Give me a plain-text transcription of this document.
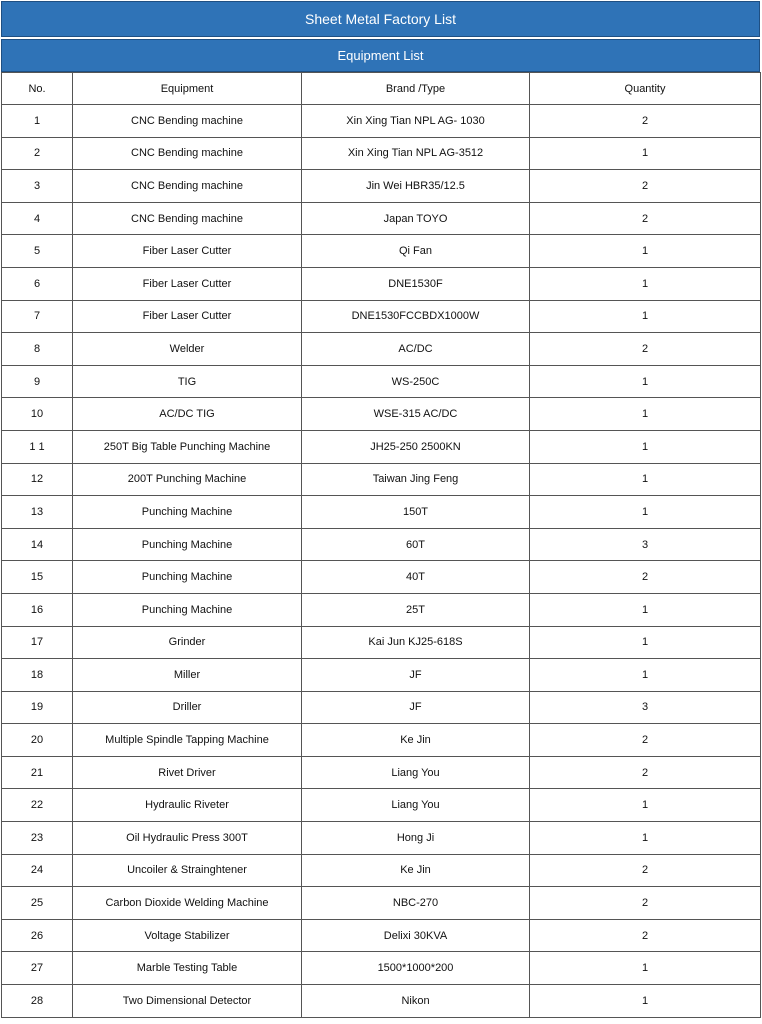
Sheet Metal Factory List
Equipment List
No.	Equipment	Brand /Type	Quantity
1	CNC Bending machine	Xin Xing Tian NPL AG- 1030	2
2	CNC Bending machine	Xin Xing Tian NPL AG-3512	1
3	CNC Bending machine	Jin Wei HBR35/12.5	2
4	CNC Bending machine	Japan TOYO	2
5	Fiber Laser Cutter	Qi Fan	1
6	Fiber Laser Cutter	DNE1530F	1
7	Fiber Laser Cutter	DNE1530FCCBDX1000W	1
8	Welder	AC/DC	2
9	TIG	WS-250C	1
10	AC/DC TIG	WSE-315 AC/DC	1
1 1	250T Big Table Punching Machine	JH25-250 2500KN	1
12	200T Punching Machine	Taiwan Jing Feng	1
13	Punching Machine	150T	1
14	Punching Machine	60T	3
15	Punching Machine	40T	2
16	Punching Machine	25T	1
17	Grinder	Kai Jun KJ25-618S	1
18	Miller	JF	1
19	Driller	JF	3
20	Multiple Spindle Tapping Machine	Ke Jin	2
21	Rivet Driver	Liang You	2
22	Hydraulic Riveter	Liang You	1
23	Oil Hydraulic Press 300T	Hong Ji	1
24	Uncoiler & Strainghtener	Ke Jin	2
25	Carbon Dioxide Welding Machine	NBC-270	2
26	Voltage Stabilizer	Delixi 30KVA	2
27	Marble Testing Table	1500*1000*200	1
28	Two Dimensional Detector	Nikon	1
